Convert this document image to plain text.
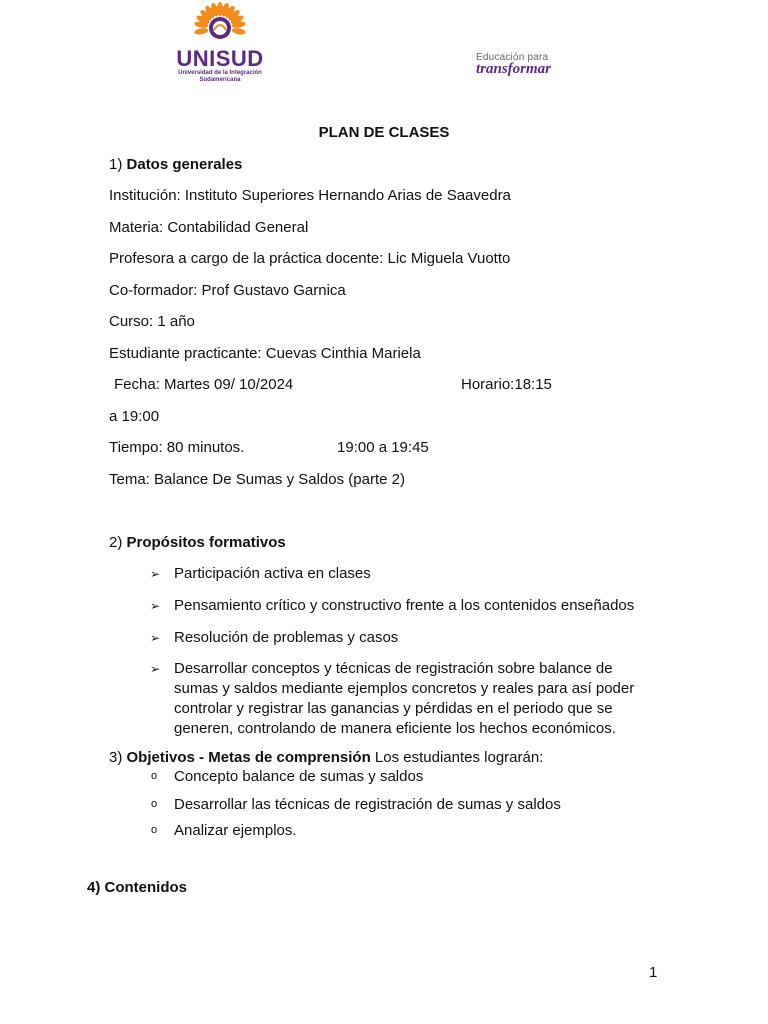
UNISUD
Universidad de la Integración
Sudamericana
Educación para
transformar
PLAN DE CLASES
1) Datos generales
Institución: Instituto Superiores Hernando Arias de Saavedra
Materia: Contabilidad General
Profesora a cargo de la práctica docente: Lic Miguela Vuotto
Co-formador: Prof Gustavo Garnica
Curso: 1 año
Estudiante practicante: Cuevas Cinthia Mariela
Fecha: Martes 09/ 10/2024	Horario:18:15
a 19:00
Tiempo: 80 minutos.	19:00 a 19:45
Tema: Balance De Sumas y Saldos (parte 2)
2) Propósitos formativos
➢ Participación activa en clases
➢ Pensamiento crítico y constructivo frente a los contenidos enseñados
➢ Resolución de problemas y casos
➢ Desarrollar conceptos y técnicas de registración sobre balance de sumas y saldos mediante ejemplos concretos y reales para así poder controlar y registrar las ganancias y pérdidas en el periodo que se generen, controlando de manera eficiente los hechos económicos.
3) Objetivos - Metas de comprensión Los estudiantes lograrán:
o Concepto balance de sumas y saldos
o Desarrollar las técnicas de registración de sumas y saldos
o Analizar ejemplos.
4) Contenidos
1
